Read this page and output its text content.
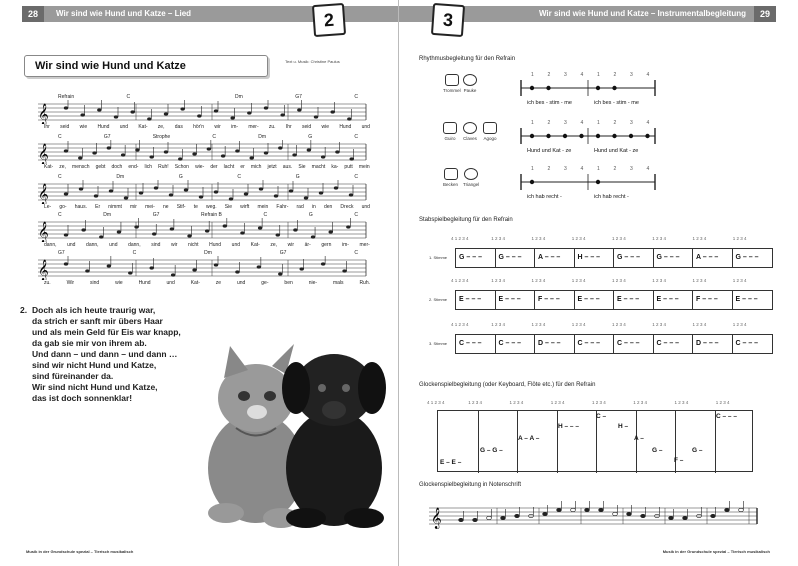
28	Wir sind wie Hund und Katze – Lied	2
Wir sind wie Hund und Katze	Text u. Musik: Christine Paulus
𝄞
Refrain	C	Dm	G7	C
Ihr seid wie Hund und Kat- ze, das hör'n wir im- mer- zu. Ihr seid wie Hund und
𝄞
C	G7	Strophe	C	Dm	G	C
Kat- ze, mensch gebt doch end- lich Ruh! Schon wie- der lacht er mich jetzt aus. Sie macht ka- putt mein
𝄞
C	Dm	G	C	G	C
Le- go- haus. Er nimmt mir mei- ne Stif- te weg. Sie wirft mein Fahr- rad in den Dreck und
𝄞
C	Dm	G7	Refrain B	C	G	C
dann, und dann, und dann, sind wir nicht Hund und Kat- ze, wir är- gern im- mer-
𝄞
G7	C	Dm	G7	C
zu.	Wir	sind	wie	Hund	und	Kat-	ze	und	ge-	ben	nie-	mals	Ruh.
2. Doch als ich heute traurig war,
da strich er sanft mir übers Haar
und als mein Geld für Eis war knapp,
da gab sie mir von ihrem ab.
Und dann – und dann – und dann …
sind wir nicht Hund und Katze,
sind füreinander da.
Wir sind nicht Hund und Katze,
das ist doch sonnenklar!
Musik in der Grundschule spezial – Tierisch musikalisch
Wir sind wie Hund und Katze – Instrumentalbegleitung	29
3
Rhythmusbegleitung für den Refrain
Trommel Pauke
1	2	3	4	1	2	3	4
ich bes - stim - me	ich bes - stim - me
Guiro	Claves Agogo
1	2	3	4	1	2	3	4
Hund und Kat - ze	Hund und Kat - ze
Becken Triangel
1	2	3	4	1	2	3	4
ich hab recht -	ich hab recht -
Stabspielbegleitung für den Refrain
4 1 2 3 4	1 2 3 4	1 2 3 4	1 2 3 4	1 2 3 4	1 2 3 4	1 2 3 4	1 2 3 4
1. Stimme	G – – –	G – – –	A – – –	H – – –	G – – –	G – – –	A – – –	G – – –
4 1 2 3 4	1 2 3 4	1 2 3 4	1 2 3 4	1 2 3 4	1 2 3 4	1 2 3 4	1 2 3 4
2. Stimme	E – – –	E – – –	F – – –	E – – –	E – – –	E – – –	F – – –	E – – –
4 1 2 3 4	1 2 3 4	1 2 3 4	1 2 3 4	1 2 3 4	1 2 3 4	1 2 3 4	1 2 3 4
3. Stimme	C – – –	C – – –	D – – –	C – – –	C – – –	C – – –	D – – –	C – – –
Glockenspielbegleitung (oder Keyboard, Flöte etc.) für den Refrain
4 1 2 3 4	1 2 3 4	1 2 3 4	1 2 3 4	1 2 3 4	1 2 3 4	1 2 3 4	1 2 3 4
E – E –
G – G –
A – A –
H – – –
C –
H –
A –
G –
F –
G –
C – – –
Glockenspielbegleitung in Notenschrift
𝄞
Musik in der Grundschule spezial – Tierisch musikalisch
